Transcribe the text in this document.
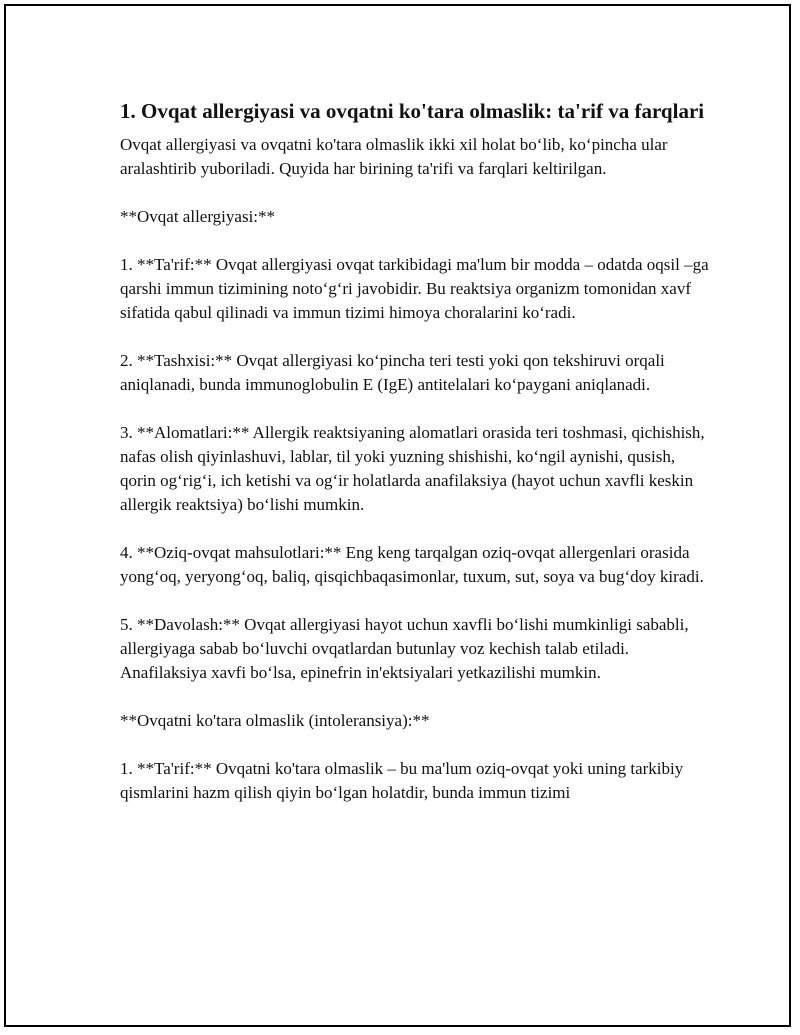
1. Ovqat allergiyasi va ovqatni ko'tara olmaslik: ta'rif va farqlari

Ovqat allergiyasi va ovqatni ko'tara olmaslik ikki xil holat bo‘lib, ko‘pincha ular aralashtirib yuboriladi. Quyida har birining ta'rifi va farqlari keltirilgan.

**Ovqat allergiyasi:**

1. **Ta'rif:** Ovqat allergiyasi ovqat tarkibidagi ma'lum bir modda – odatda oqsil –ga qarshi immun tizimining noto‘g‘ri javobidir. Bu reaktsiya organizm tomonidan xavf sifatida qabul qilinadi va immun tizimi himoya choralarini ko‘radi.

2. **Tashxisi:** Ovqat allergiyasi ko‘pincha teri testi yoki qon tekshiruvi orqali aniqlanadi, bunda immunoglobulin E (IgE) antitelalari ko‘paygani aniqlanadi.

3. **Alomatlari:** Allergik reaktsiyaning alomatlari orasida teri toshmasi, qichishish, nafas olish qiyinlashuvi, lablar, til yoki yuzning shishishi, ko‘ngil aynishi, qusish, qorin og‘rig‘i, ich ketishi va og‘ir holatlarda anafilaksiya (hayot uchun xavfli keskin allergik reaktsiya) bo‘lishi mumkin.

4. **Oziq-ovqat mahsulotlari:** Eng keng tarqalgan oziq-ovqat allergenlari orasida yong‘oq, yeryong‘oq, baliq, qisqichbaqasimonlar, tuxum, sut, soya va bug‘doy kiradi.

5. **Davolash:** Ovqat allergiyasi hayot uchun xavfli bo‘lishi mumkinligi sababli, allergiyaga sabab bo‘luvchi ovqatlardan butunlay voz kechish talab etiladi. Anafilaksiya xavfi bo‘lsa, epinefrin in'ektsiyalari yetkazilishi mumkin.

**Ovqatni ko'tara olmaslik (intoleransiya):**

1. **Ta'rif:** Ovqatni ko'tara olmaslik – bu ma'lum oziq-ovqat yoki uning tarkibiy qismlarini hazm qilish qiyin bo‘lgan holatdir, bunda immun tizimi
